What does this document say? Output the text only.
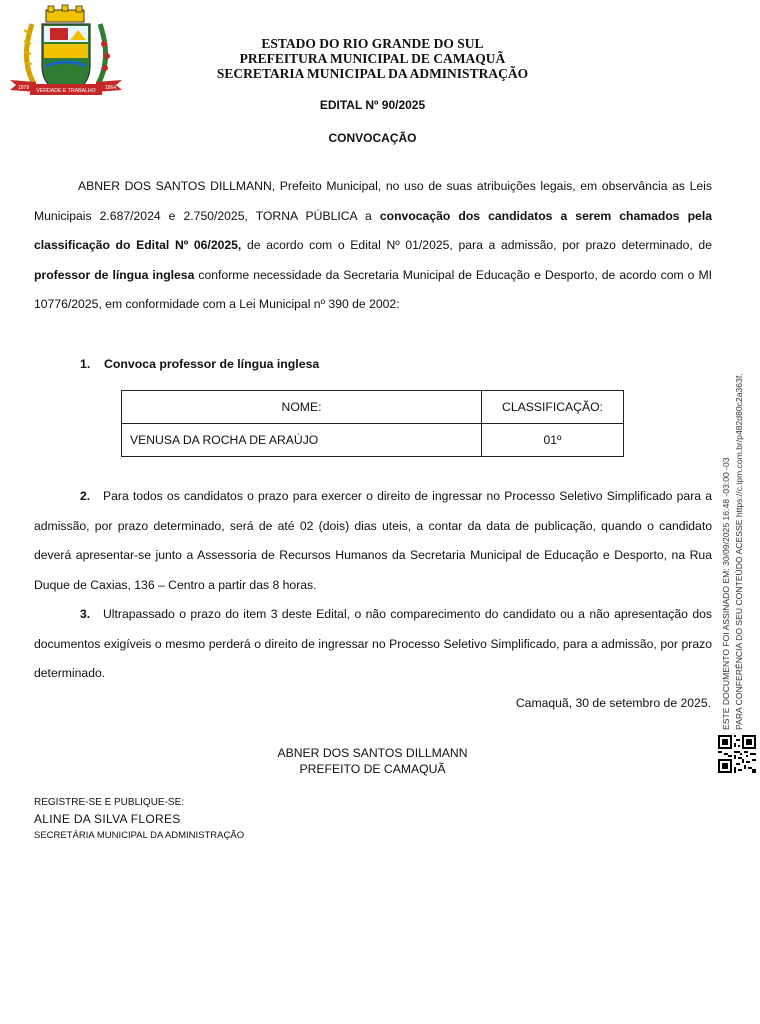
1879 VERDADE E TRABALHO 1864
ESTADO DO RIO GRANDE DO SUL
PREFEITURA MUNICIPAL DE CAMAQUÃ
SECRETARIA MUNICIPAL DA ADMINISTRAÇÃO
EDITAL Nº 90/2025
CONVOCAÇÃO
ABNER DOS SANTOS DILLMANN, Prefeito Municipal, no uso de suas atribuições legais, em observância as Leis Municipais 2.687/2024 e 2.750/2025, TORNA PÚBLICA a convocação dos candidatos a serem chamados pela classificação do Edital Nº 06/2025, de acordo com o Edital Nº 01/2025, para a admissão, por prazo determinado, de professor de língua inglesa conforme necessidade da Secretaria Municipal de Educação e Desporto, de acordo com o MI 10776/2025, em conformidade com a Lei Municipal nº 390 de 2002:
1. Convoca professor de língua inglesa
NOME:	CLASSIFICAÇÃO:
VENUSA DA ROCHA DE ARAÚJO	01º
2. Para todos os candidatos o prazo para exercer o direito de ingressar no Processo Seletivo Simplificado para a admissão, por prazo determinado, será de até 02 (dois) dias uteis, a contar da data de publicação, quando o candidato deverá apresentar-se junto a Assessoria de Recursos Humanos da Secretaria Municipal de Educação e Desporto, na Rua Duque de Caxias, 136 – Centro a partir das 8 horas.
3. Ultrapassado o prazo do item 3 deste Edital, o não comparecimento do candidato ou a não apresentação dos documentos exigíveis o mesmo perderá o direito de ingressar no Processo Seletivo Simplificado, para a admissão, por prazo determinado.
Camaquã, 30 de setembro de 2025.
ABNER DOS SANTOS DILLMANN
PREFEITO DE CAMAQUÃ
REGISTRE-SE E PUBLIQUE-SE:
ALINE DA SILVA FLORES
SECRETÁRIA MUNICIPAL DA ADMINISTRAÇÃO
ESTE DOCUMENTO FOI ASSINADO EM: 30/09/2025 16:48 -03:00 -03 PARA CONFERÊNCIA DO SEU CONTEÚDO ACESSE https://c.ipm.com.br/p482d80c2a363f.
